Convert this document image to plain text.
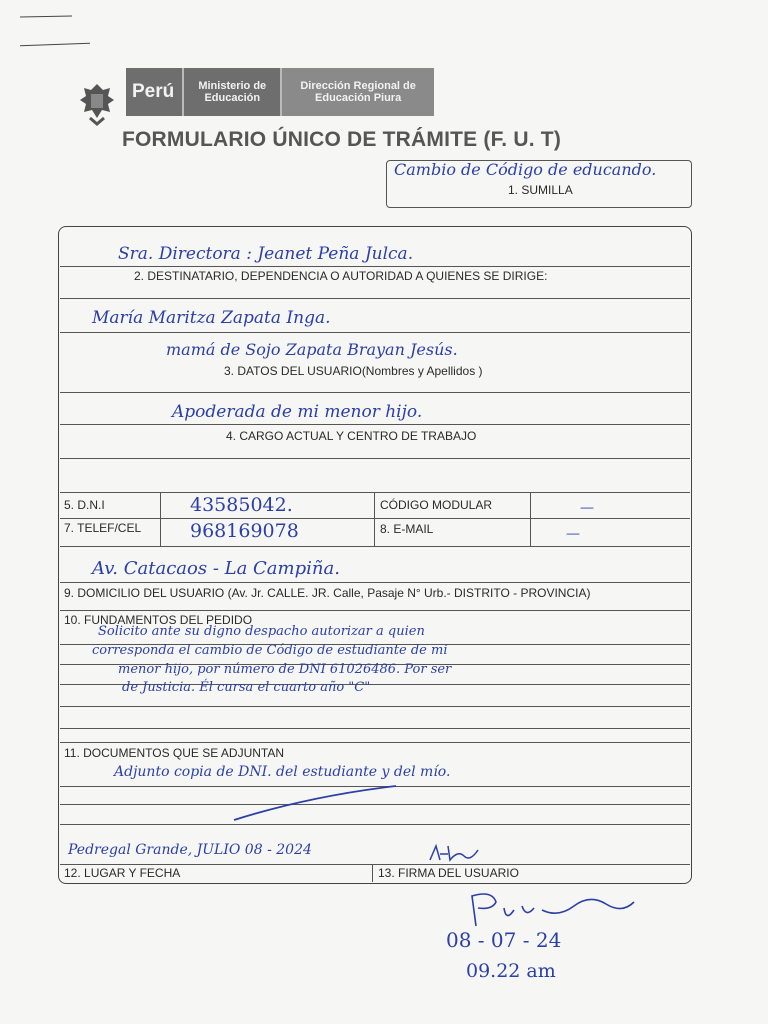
Perú	Ministerio de Educación
Dirección Regional de Educación Piura
FORMULARIO ÚNICO DE TRÁMITE (F. U. T)
Cambio de Código de educando.
1. SUMILLA
Sra. Directora : Jeanet Peña Julca.
2. DESTINATARIO, DEPENDENCIA O AUTORIDAD A QUIENES SE DIRIGE:
María Maritza Zapata Inga.
mamá de Sojo Zapata Brayan Jesús.
3. DATOS DEL USUARIO(Nombres y Apellidos )
Apoderada de mi menor hijo.
4. CARGO ACTUAL Y CENTRO DE TRABAJO
5. D.N.I	43585042.	CÓDIGO MODULAR	—
7. TELEF/CEL	968169078	8. E-MAIL	—
Av. Catacaos - La Campiña.
9. DOMICILIO DEL USUARIO (Av. Jr. CALLE. JR. Calle, Pasaje N° Urb.- DISTRITO - PROVINCIA)
10. FUNDAMENTOS DEL PEDIDO
Solicito ante su digno despacho autorizar a quien
corresponda el cambio de Código de estudiante de mi
menor hijo, por número de DNI 61026486. Por ser
de Justicia. Él cursa el cuarto año "C"
11. DOCUMENTOS QUE SE ADJUNTAN
Adjunto copia de DNI. del estudiante y del mío.
Pedregal Grande, JULIO 08 - 2024
12. LUGAR Y FECHA	13. FIRMA DEL USUARIO
08 - 07 - 24
09.22 am
